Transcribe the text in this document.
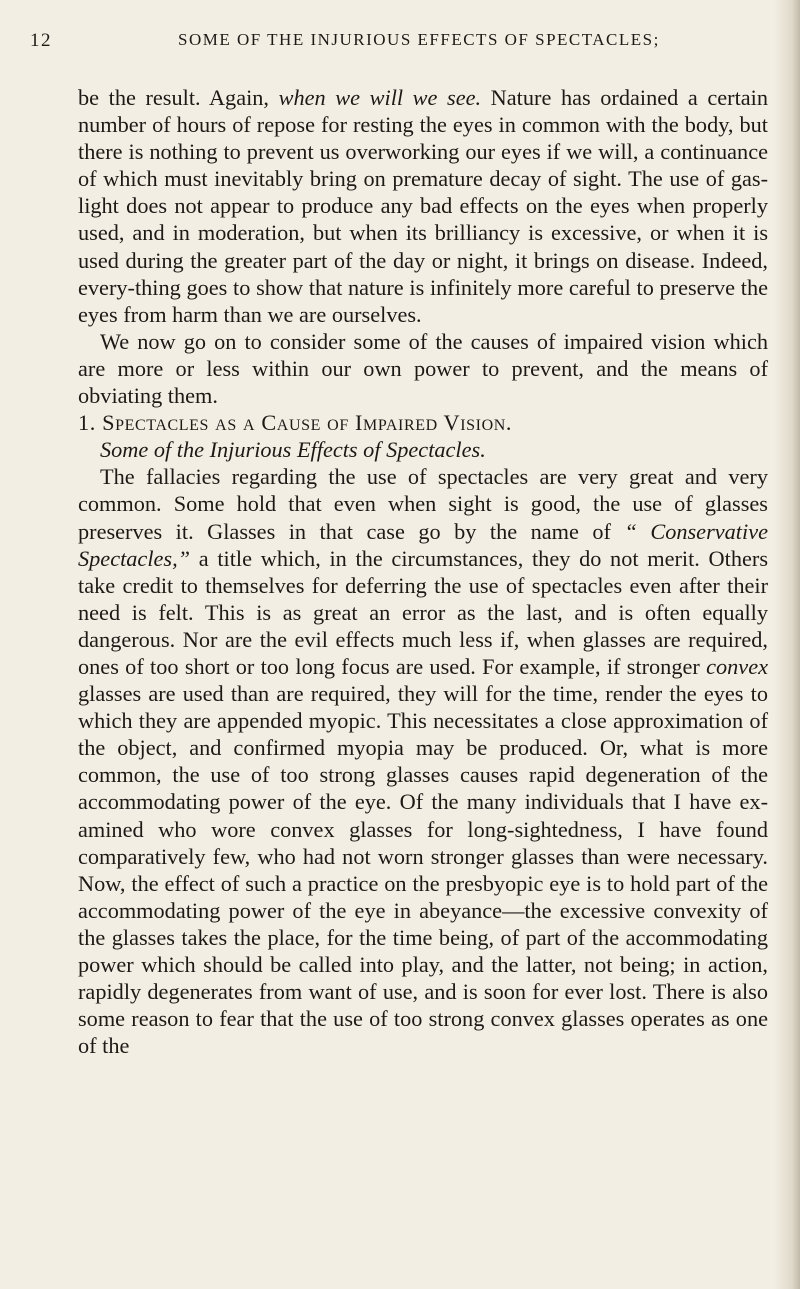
12	SOME OF THE INJURIOUS EFFECTS OF SPECTACLES;

be the result. Again, when we will we see. Nature has ordained a certain number of hours of repose for resting the eyes in common with the body, but there is nothing to prevent us overworking our eyes if we will, a continuance of which must inevitably bring on premature decay of sight. The use of gas-light does not appear to produce any bad effects on the eyes when properly used, and in moderation, but when its brilliancy is excessive, or when it is used during the greater part of the day or night, it brings on disease. Indeed, every-thing goes to show that nature is infinitely more careful to preserve the eyes from harm than we are ourselves.

We now go on to consider some of the causes of impaired vision which are more or less within our own power to prevent, and the means of obviating them.

1. Spectacles as a Cause of Impaired Vision.

Some of the Injurious Effects of Spectacles.

The fallacies regarding the use of spectacles are very great and very common. Some hold that even when sight is good, the use of glasses preserves it. Glasses in that case go by the name of “ Conservative Spectacles,” a title which, in the circumstances, they do not merit. Others take credit to themselves for deferring the use of spectacles even after their need is felt. This is as great an error as the last, and is often equally dangerous. Nor are the evil effects much less if, when glasses are required, ones of too short or too long focus are used. For example, if stronger convex glasses are used than are required, they will for the time, render the eyes to which they are appended myopic. This necessitates a close approximation of the object, and confirmed myopia may be produced. Or, what is more common, the use of too strong glasses causes rapid degeneration of the accommodating power of the eye. Of the many individuals that I have ex-amined who wore convex glasses for long-sightedness, I have found comparatively few, who had not worn stronger glasses than were necessary. Now, the effect of such a practice on the presbyopic eye is to hold part of the accommodating power of the eye in abeyance—the excessive convexity of the glasses takes the place, for the time being, of part of the accommodating power which should be called into play, and the latter, not being; in action, rapidly degenerates from want of use, and is soon for ever lost. There is also some reason to fear that the use of too strong convex glasses operates as one of the
